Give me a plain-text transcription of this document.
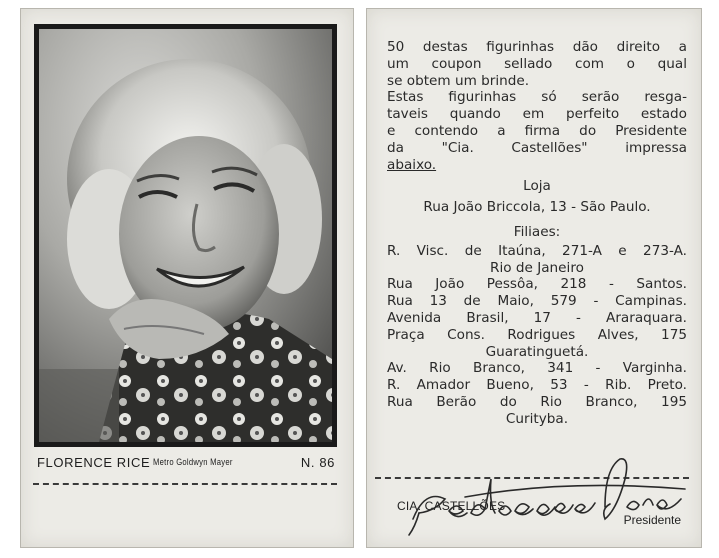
FLORENCE RICE Metro Goldwyn Mayer	N. 86
50 destas figurinhas dão direito a
um coupon sellado com o qual
se obtem um brinde.
Estas figurinhas só serão resga-
taveis quando em perfeito estado
e contendo a firma do Presidente
da "Cia. Castellões" impressa
abaixo.
Loja
Rua João Briccola, 13 - São Paulo.
Filiaes:
R. Visc. de Itaúna, 271-A e 273-A.
Rio de Janeiro
Rua João Pessôa, 218 - Santos.
Rua 13 de Maio, 579 - Campinas.
Avenida Brasil, 17 - Araraquara.
Praça Cons. Rodrigues Alves, 175
Guaratinguetá.
Av. Rio Branco, 341 - Varginha.
R. Amador Bueno, 53 - Rib. Preto.
Rua Berão do Rio Branco, 195
Curityba.
CIA. CASTELLÕES
Presidente
